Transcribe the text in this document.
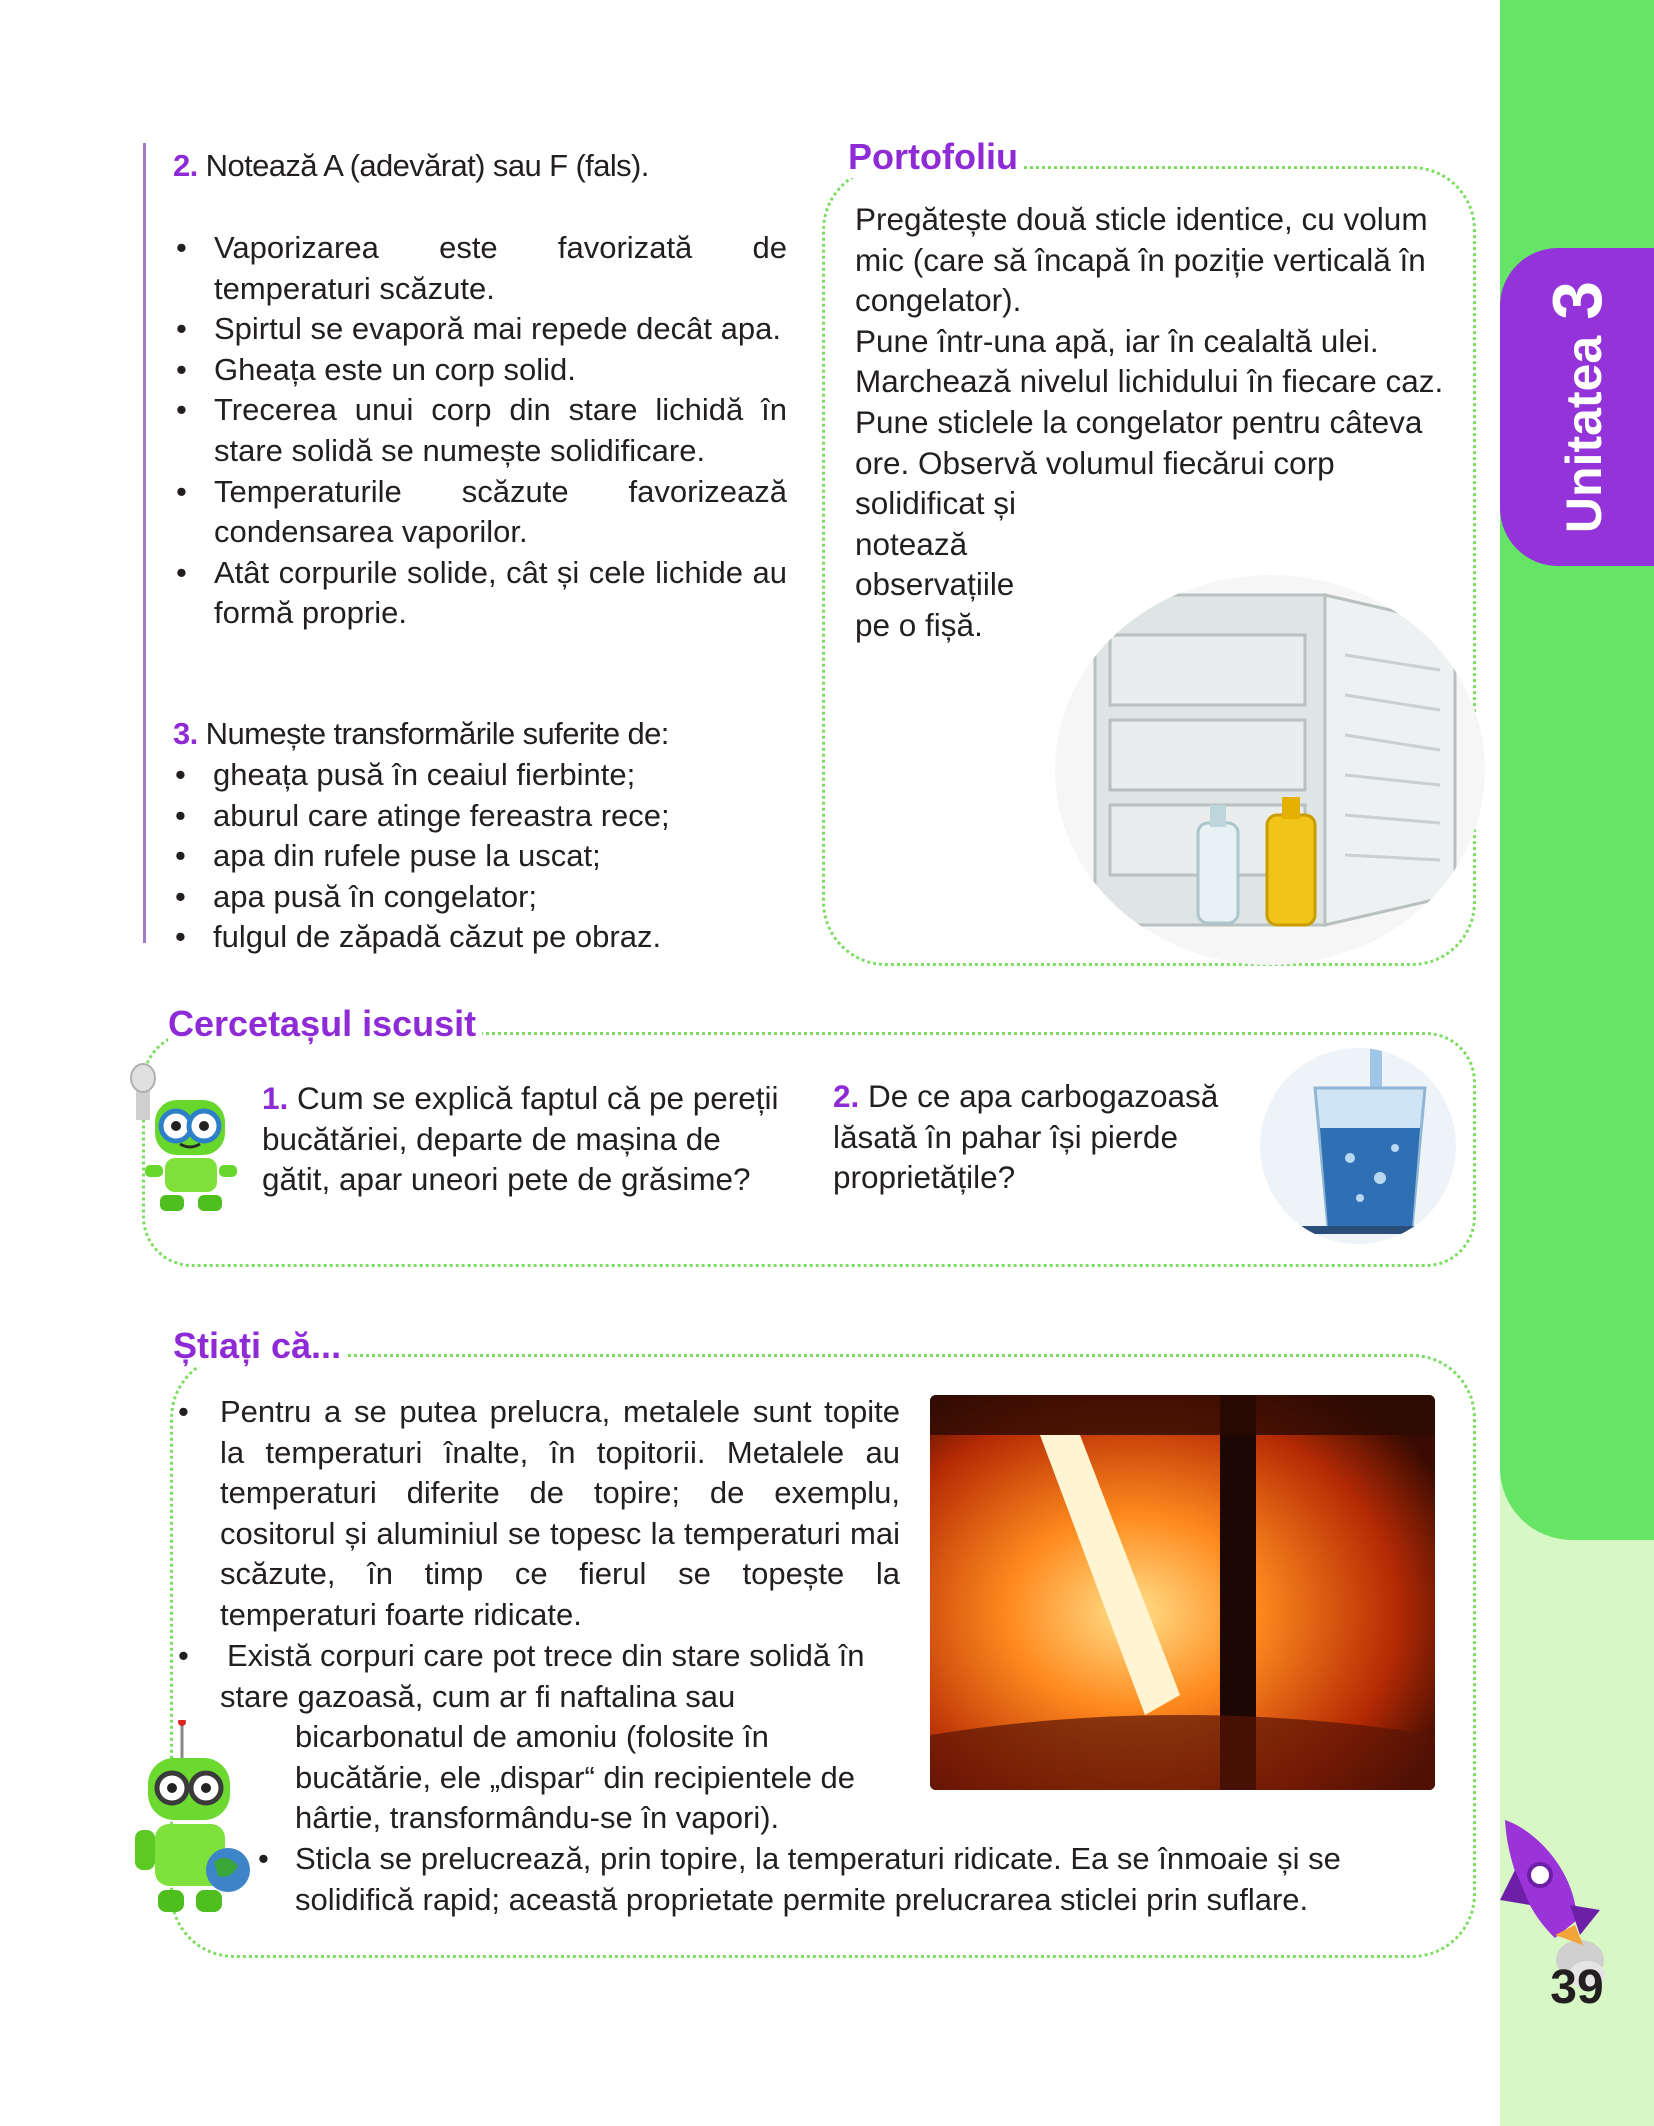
Unitatea
3
39
2. Notează A (adevărat) sau F (fals).
• Vaporizarea este favorizată de temperaturi scăzute.
• Spirtul se evaporă mai repede decât apa.
• Gheața este un corp solid.
• Trecerea unui corp din stare lichidă în stare solidă se numește solidificare.
• Temperaturile scăzute favorizează condensarea vaporilor.
• Atât corpurile solide, cât și cele lichide au formă proprie.
3. Numește transformările suferite de:
• gheața pusă în ceaiul fierbinte;
• aburul care atinge fereastra rece;
• apa din rufele puse la uscat;
• apa pusă în congelator;
• fulgul de zăpadă căzut pe obraz.
Portofoliu
Pregătește două sticle identice, cu volum
mic (care să încapă în poziție verticală în
congelator).
Pune într-una apă, iar în cealaltă ulei.
Marchează nivelul lichidului în fiecare caz.
Pune sticlele la congelator pentru câteva
ore. Observă volumul fiecărui corp
solidificat și
notează
observațiile
pe o fișă.
Cercetașul iscusit
1. Cum se explică faptul că pe pereții
bucătăriei, departe de mașina de
gătit, apar uneori pete de grăsime?
2. De ce apa carbogazoasă
lăsată în pahar își pierde
proprietățile?
Știați că...
• Pentru a se putea prelucra, metalele sunt topite la temperaturi înalte, în topitorii. Metalele au temperaturi diferite de topire; de exemplu, cositorul și aluminiul se topesc la temperaturi mai scăzute, în timp ce fierul se topește la temperaturi foarte ridicate.
• Există corpuri care pot trece din stare solidă în
stare gazoasă, cum ar fi naftalina sau
bicarbonatul de amoniu (folosite în
bucătărie, ele „dispar“ din recipientele de
hârtie, transformându-se în vapori).
• Sticla se prelucrează, prin topire, la temperaturi ridicate. Ea se înmoaie și se
solidifică rapid; această proprietate permite prelucrarea sticlei prin suflare.
